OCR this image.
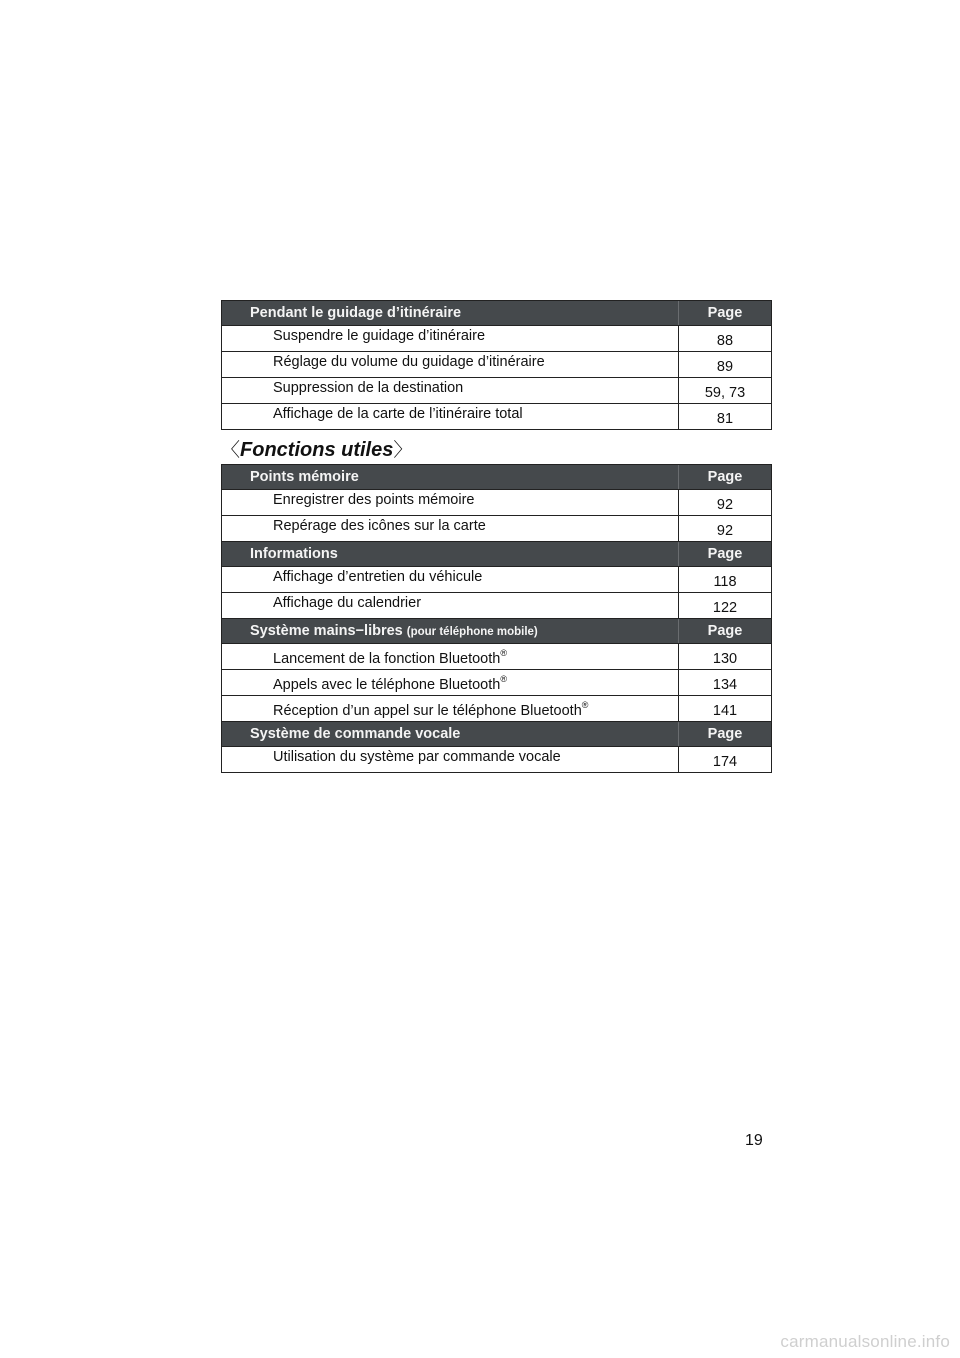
Pendant le guidage d’itinéraire	Page
Suspendre le guidage d’itinéraire	88
Réglage du volume du guidage d’itinéraire	89
Suppression de la destination	59, 73
Affichage de la carte de l’itinéraire total	81
〈Fonctions utiles〉
Points mémoire	Page
Enregistrer des points mémoire	92
Repérage des icônes sur la carte	92
Informations	Page
Affichage d’entretien du véhicule	118
Affichage du calendrier	122
Système mains−libres (pour téléphone mobile)	Page
Lancement de la fonction Bluetooth®	130
Appels avec le téléphone Bluetooth®	134
Réception d’un appel sur le téléphone Bluetooth®	141
Système de commande vocale	Page
Utilisation du système par commande vocale	174
19
carmanualsonline.info
